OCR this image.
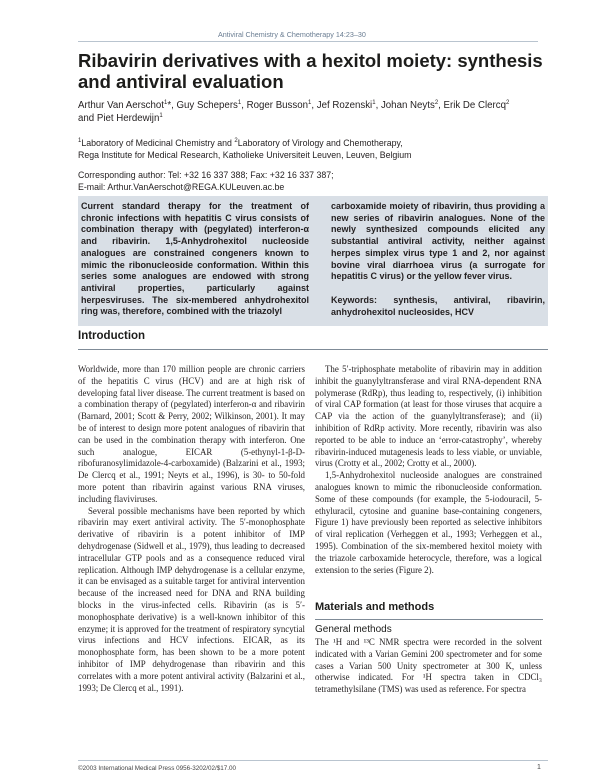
Antiviral Chemistry & Chemotherapy 14:23–30
Ribavirin derivatives with a hexitol moiety: synthesis and antiviral evaluation
Arthur Van Aerschot$^1$*, Guy Schepers$^1$, Roger Busson$^1$, Jef Rozenski$^1$, Johan Neyts$^2$, Erik De Clercq$^2$
and Piet Herdewijn$^1$
$^1$Laboratory of Medicinal Chemistry and $^2$Laboratory of Virology and Chemotherapy,
Rega Institute for Medical Research, Katholieke Universiteit Leuven, Leuven, Belgium
Corresponding author: Tel: +32 16 337 388; Fax: +32 16 337 387;
E-mail: Arthur.VanAerschot@REGA.KULeuven.ac.be

Current standard therapy for the treatment of chronic infections with hepatitis C virus consists of combination therapy with (pegylated) interferon-α and ribavirin. 1,5-Anhydrohexitol nucleoside analogues are constrained congeners known to mimic the ribonucleoside conformation. Within this series some analogues are endowed with strong antiviral properties, particularly against herpesviruses. The six-membered anhydrohexitol ring was, therefore, combined with the triazolyl

carboxamide moiety of ribavirin, thus providing a new series of ribavirin analogues. None of the newly synthesized compounds elicited any substantial antiviral activity, neither against herpes simplex virus type 1 and 2, nor against bovine viral diarrhoea virus (a surrogate for hepatitis C virus) or the yellow fever virus.

Keywords: synthesis, antiviral, ribavirin, anhydrohexitol nucleosides, HCV

Introduction

Worldwide, more than 170 million people are chronic carriers of the hepatitis C virus (HCV) and are at high risk of developing fatal liver disease. The current treatment is based on a combination therapy of (pegylated) interferon-α and ribavirin (Barnard, 2001; Scott & Perry, 2002; Wilkinson, 2001). It may be of interest to design more potent analogues of ribavirin that can be used in the combination therapy with interferon. One such analogue, EICAR (5-ethynyl-1-β-D-ribofuranosylimidazole-4-carboxamide) (Balzarini et al., 1993; De Clercq et al., 1991; Neyts et al., 1996), is 30- to 50-fold more potent than ribavirin against various RNA viruses, including flaviviruses.

Several possible mechanisms have been reported by which ribavirin may exert antiviral activity. The 5′-monophosphate derivative of ribavirin is a potent inhibitor of IMP dehydrogenase (Sidwell et al., 1979), thus leading to decreased intracellular GTP pools and as a consequence reduced viral replication. Although IMP dehydrogenase is a cellular enzyme, it can be envisaged as a suitable target for antiviral intervention because of the increased need for DNA and RNA building blocks in the virus-infected cells. Ribavirin (as is 5′-monophosphate derivative) is a well-known inhibitor of this enzyme; it is approved for the treatment of respiratory syncytial virus infections and HCV infections. EICAR, as its monophosphate form, has been shown to be a more potent inhibitor of IMP dehydrogenase than ribavirin and this correlates with a more potent antiviral activity (Balzarini et al., 1993; De Clercq et al., 1991).

The 5′-triphosphate metabolite of ribavirin may in addition inhibit the guanylyltransferase and viral RNA-dependent RNA polymerase (RdRp), thus leading to, respectively, (i) inhibition of viral CAP formation (at least for those viruses that acquire a CAP via the action of the guanylyltransferase); and (ii) inhibition of RdRp activity. More recently, ribavirin was also reported to be able to induce an ‘error-catastrophy’, whereby ribavirin-induced mutagenesis leads to less viable, or unviable, virus (Crotty et al., 2002; Crotty et al., 2000).

1,5-Anhydrohexitol nucleoside analogues are constrained analogues known to mimic the ribonucleoside conformation. Some of these compounds (for example, the 5-iodouracil, 5-ethyluracil, cytosine and guanine base-containing congeners, Figure 1) have previously been reported as selective inhibitors of viral replication (Verheggen et al., 1993; Verheggen et al., 1995). Combination of the six-membered hexitol moiety with the triazole carboxamide heterocycle, therefore, was a logical extension to the series (Figure 2).

Materials and methods
General methods

The ¹H and ¹³C NMR spectra were recorded in the solvent indicated with a Varian Gemini 200 spectrometer and for some cases a Varian 500 Unity spectrometer at 300 K, unless otherwise indicated. For ¹H spectra taken in CDCl₃ tetramethylsilane (TMS) was used as reference. For spectra

©2003 International Medical Press 0956-3202/02/$17.00	1
